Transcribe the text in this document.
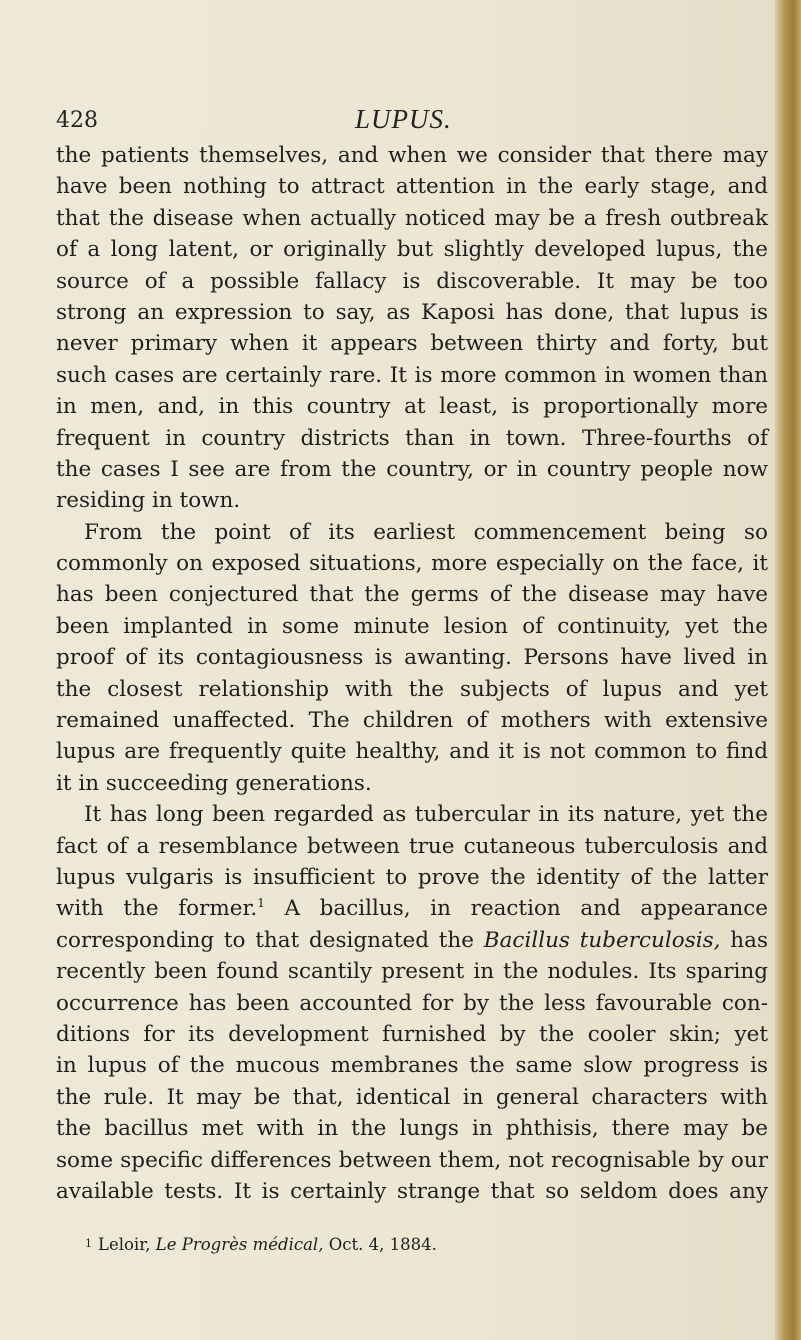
428	LUPUS.
the patients themselves, and when we consider that there may
have been nothing to attract attention in the early stage, and
that the disease when actually noticed may be a fresh outbreak
of a long latent, or originally but slightly developed lupus, the
source of a possible fallacy is discoverable. It may be too
strong an expression to say, as Kaposi has done, that lupus is
never primary when it appears between thirty and forty, but
such cases are certainly rare. It is more common in women than
in men, and, in this country at least, is proportionally more
frequent in country districts than in town. Three-fourths of
the cases I see are from the country, or in country people now
residing in town.
From the point of its earliest commencement being so
commonly on exposed situations, more especially on the face, it
has been conjectured that the germs of the disease may have
been implanted in some minute lesion of continuity, yet the
proof of its contagiousness is awanting. Persons have lived in
the closest relationship with the subjects of lupus and yet
remained unaffected. The children of mothers with extensive
lupus are frequently quite healthy, and it is not common to find
it in succeeding generations.
It has long been regarded as tubercular in its nature, yet the
fact of a resemblance between true cutaneous tuberculosis and
lupus vulgaris is insufficient to prove the identity of the latter
with the former.$^1$ A bacillus, in reaction and appearance
corresponding to that designated the Bacillus tuberculosis, has
recently been found scantily present in the nodules. Its sparing
occurrence has been accounted for by the less favourable con-
ditions for its development furnished by the cooler skin; yet
in lupus of the mucous membranes the same slow progress is
the rule. It may be that, identical in general characters with
the bacillus met with in the lungs in phthisis, there may be
some specific differences between them, not recognisable by our
available tests. It is certainly strange that so seldom does any
1 Leloir, Le Progrès médical, Oct. 4, 1884.
